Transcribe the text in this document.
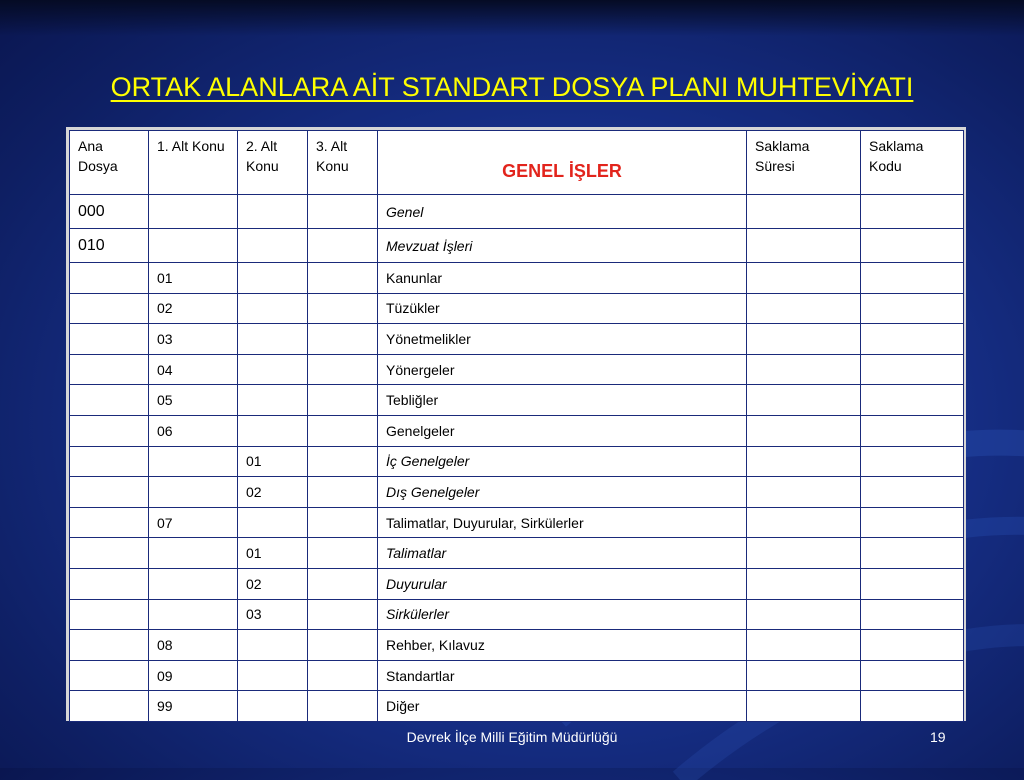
ORTAK ALANLARA AİT STANDART DOSYA PLANI MUHTEVİYATI
Ana Dosya	1. Alt Konu	2. Alt Konu	3. Alt Konu	GENEL İŞLER	Saklama Süresi	Saklama Kodu
000				Genel		
010				Mevzuat İşleri		
	01			Kanunlar		
	02			Tüzükler		
	03			Yönetmelikler		
	04			Yönergeler		
	05			Tebliğler		
	06			Genelgeler		
		01		İç Genelgeler		
		02		Dış Genelgeler		
	07			Talimatlar, Duyurular, Sirkülerler		
		01		Talimatlar		
		02		Duyurular		
		03		Sirkülerler		
	08			Rehber, Kılavuz		
	09			Standartlar		
	99			Diğer		
Devrek İlçe Milli Eğitim Müdürlüğü	19
